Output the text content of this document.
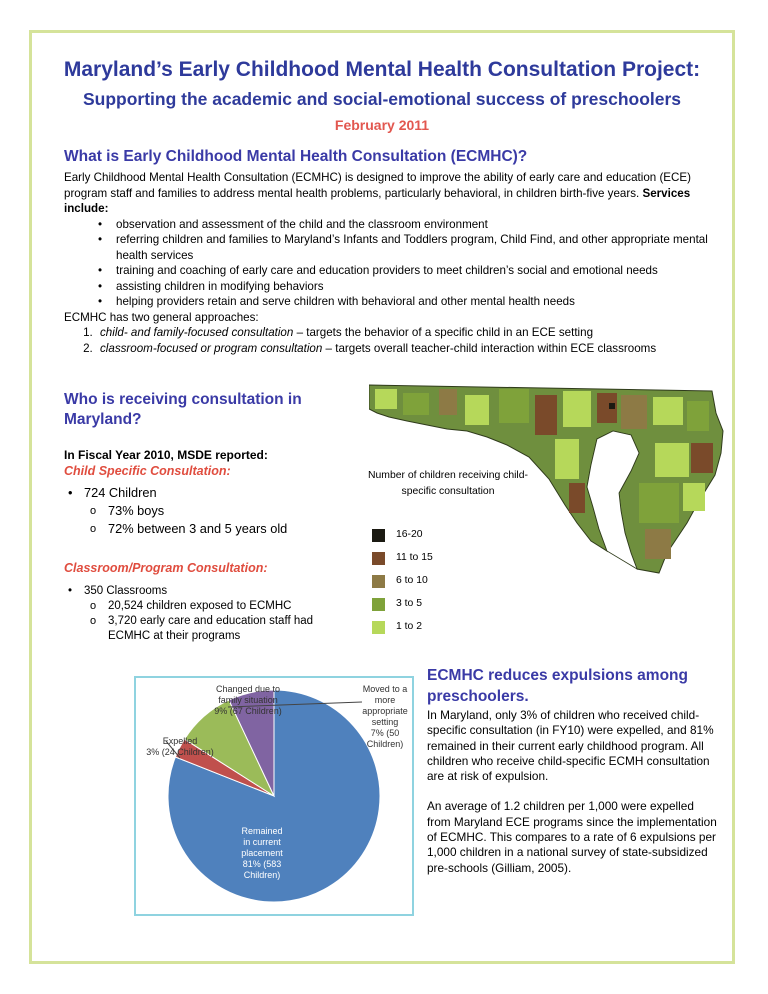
Maryland’s Early Childhood Mental Health Consultation Project:
Supporting the academic and social-emotional success of preschoolers
February 2011
What is Early Childhood Mental Health Consultation (ECMHC)?

Early Childhood Mental Health Consultation (ECMHC) is designed to improve the ability of early care and education (ECE) program staff and families to address mental health problems, particularly behavioral, in children birth-five years. Services include:

• observation and assessment of the child and the classroom environment
• referring children and families to Maryland’s Infants and Toddlers program, Child Find, and other appropriate mental health services
• training and coaching of early care and education providers to meet children’s social and emotional needs
• assisting children in modifying behaviors
• helping providers retain and serve children with behavioral and other mental health needs

ECMHC has two general approaches:

1. child- and family-focused consultation – targets the behavior of a specific child in an ECE setting
2. classroom-focused or program consultation – targets overall teacher-child interaction within ECE classrooms
Who is receiving consultation in Maryland?
In Fiscal Year 2010, MSDE reported:
Child Specific Consultation:
• 724 Children
o 73% boys
o 72% between 3 and 5 years old
Classroom/Program Consultation:
• 350 Classrooms
o 20,524 children exposed to ECMHC
o 3,720 early care and education staff had ECMHC at their programs
Number of children receiving child-specific consultation
16-20
11 to 15
6 to 10
3 to 5
1 to 2
Changed due to
family situation
9% (67 Children)
Moved to a
more
appropriate
setting
7% (50
Children)
Expelled
3% (24 Children)
Remained
in current
placement
81% (583
Children)
ECMHC reduces expulsions among preschoolers.

In Maryland, only 3% of children who received child-specific consultation (in FY10) were expelled, and 81% remained in their current early childhood program. All children who receive child-specific ECMH consultation are at risk of expulsion.

An average of 1.2 children per 1,000 were expelled from Maryland ECE programs since the implementation of ECMHC. This compares to a rate of 6 expulsions per 1,000 children in a national survey of state-subsidized pre-schools (Gilliam, 2005).
